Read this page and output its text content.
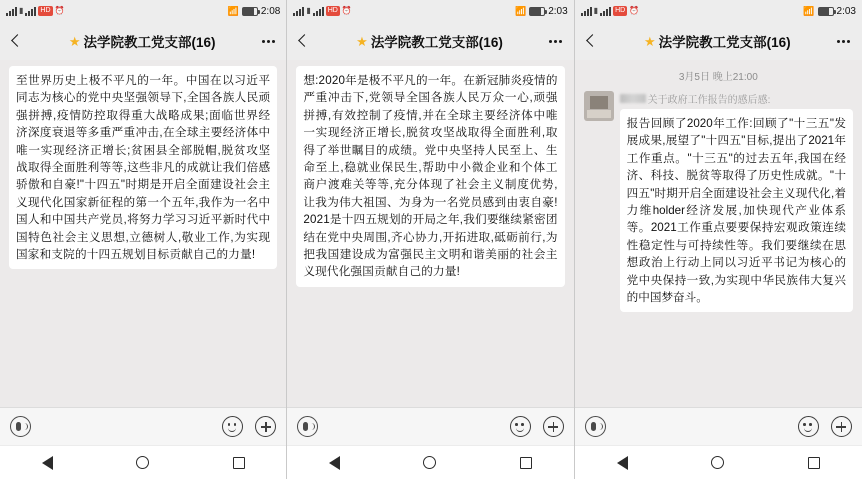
▮ HD ⏰	📶 2:08
★ 法学院教工党支部(16)
至世界历史上极不平凡的一年。中国在以习近平同志为核心的党中央坚强领导下,全国各族人民顽强拼搏,疫情防控取得重大战略成果;面临世界经济深度衰退等多重严重冲击,在全球主要经济体中唯一实现经济正增长;贫困县全部脱帽,脱贫攻坚战取得全面胜利等等,这些非凡的成就让我们倍感骄傲和自豪!"十四五"时期是开启全面建设社会主义现代化国家新征程的第一个五年,我作为一名中国人和中国共产党员,将努力学习习近平新时代中国特色社会主义思想,立德树人,敬业工作,为实现国家和支院的十四五规划目标贡献自己的力量!
▮ HD ⏰	📶 2:03
★ 法学院教工党支部(16)
想:2020年是极不平凡的一年。在新冠肺炎疫情的严重冲击下,党领导全国各族人民万众一心,顽强拼搏,有效控制了疫情,并在全球主要经济体中唯一实现经济正增长,脱贫攻坚战取得全面胜利,取得了举世瞩目的成绩。党中央坚持人民至上、生命至上,稳就业保民生,帮助中小微企业和个体工商户渡难关等等,充分体现了社会主义制度优势,让我为伟大祖国、为身为一名党员感到由衷自豪! 2021是十四五规划的开局之年,我们要继续紧密团结在党中央周围,齐心协力,开拓进取,砥砺前行,为把我国建设成为富强民主文明和谐美丽的社会主义现代化强国贡献自己的力量!
▮ HD ⏰	📶 2:03
★ 法学院教工党支部(16)
3月5日 晚上21:00
关于政府工作报告的感后感:
报告回顾了2020年工作:回顾了"十三五"发展成果,展望了"十四五"目标,提出了2021年工作重点。"十三五"的过去五年,我国在经济、科技、脱贫等取得了历史性成就。"十四五"时期开启全面建设社会主义现代化,着力维holder经济发展,加快现代产业体系等。2021工作重点要要保持宏观政策连续性稳定性与可持续性等。我们要继续在思想政治上行动上同以习近平书记为核心的党中央保持一致,为实现中华民族伟大复兴的中国梦奋斗。
